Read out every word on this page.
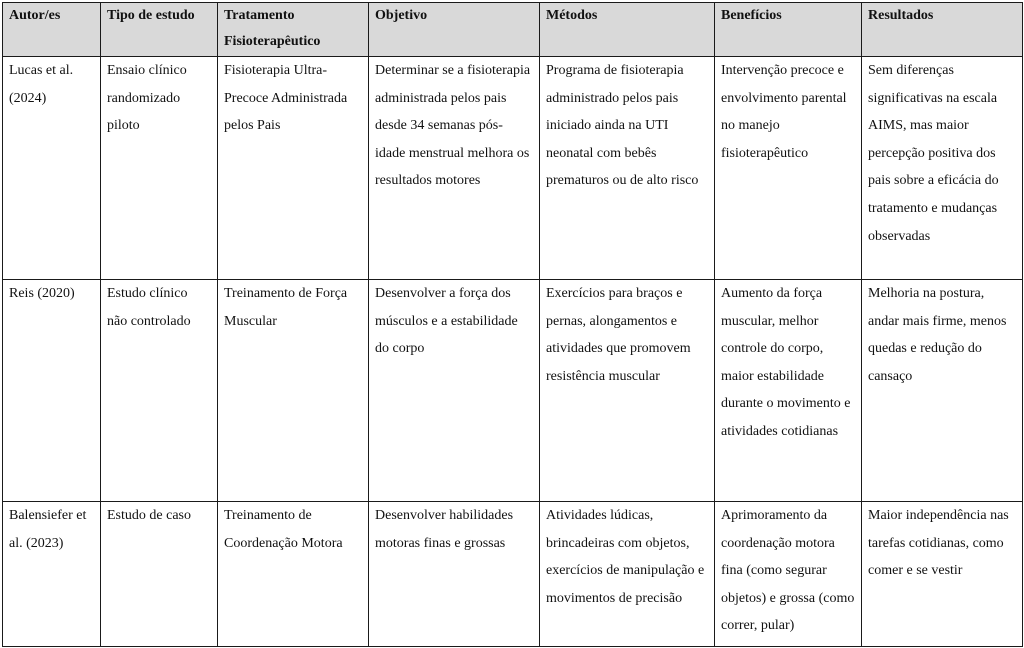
Autor/es	Tipo de estudo	Tratamento Fisioterapêutico	Objetivo	Métodos	Benefícios	Resultados

Lucas et al. (2024)	Ensaio clínico randomizado piloto	Fisioterapia Ultra-Precoce Administrada pelos Pais	Determinar se a fisioterapia administrada pelos pais desde 34 semanas pós-idade menstrual melhora os resultados motores	Programa de fisioterapia administrado pelos pais iniciado ainda na UTI neonatal com bebês prematuros ou de alto risco	Intervenção precoce e envolvimento parental no manejo fisioterapêutico	Sem diferenças significativas na escala AIMS, mas maior percepção positiva dos pais sobre a eficácia do tratamento e mudanças observadas

Reis (2020)	Estudo clínico não controlado	Treinamento de Força Muscular	Desenvolver a força dos músculos e a estabilidade do corpo	Exercícios para braços e pernas, alongamentos e atividades que promovem resistência muscular	Aumento da força muscular, melhor controle do corpo, maior estabilidade durante o movimento e atividades cotidianas	Melhoria na postura, andar mais firme, menos quedas e redução do cansaço

Balensiefer et al. (2023)	Estudo de caso	Treinamento de Coordenação Motora	Desenvolver habilidades motoras finas e grossas	Atividades lúdicas, brincadeiras com objetos, exercícios de manipulação e movimentos de precisão	Aprimoramento da coordenação motora fina (como segurar objetos) e grossa (como correr, pular)	Maior independência nas tarefas cotidianas, como comer e se vestir
